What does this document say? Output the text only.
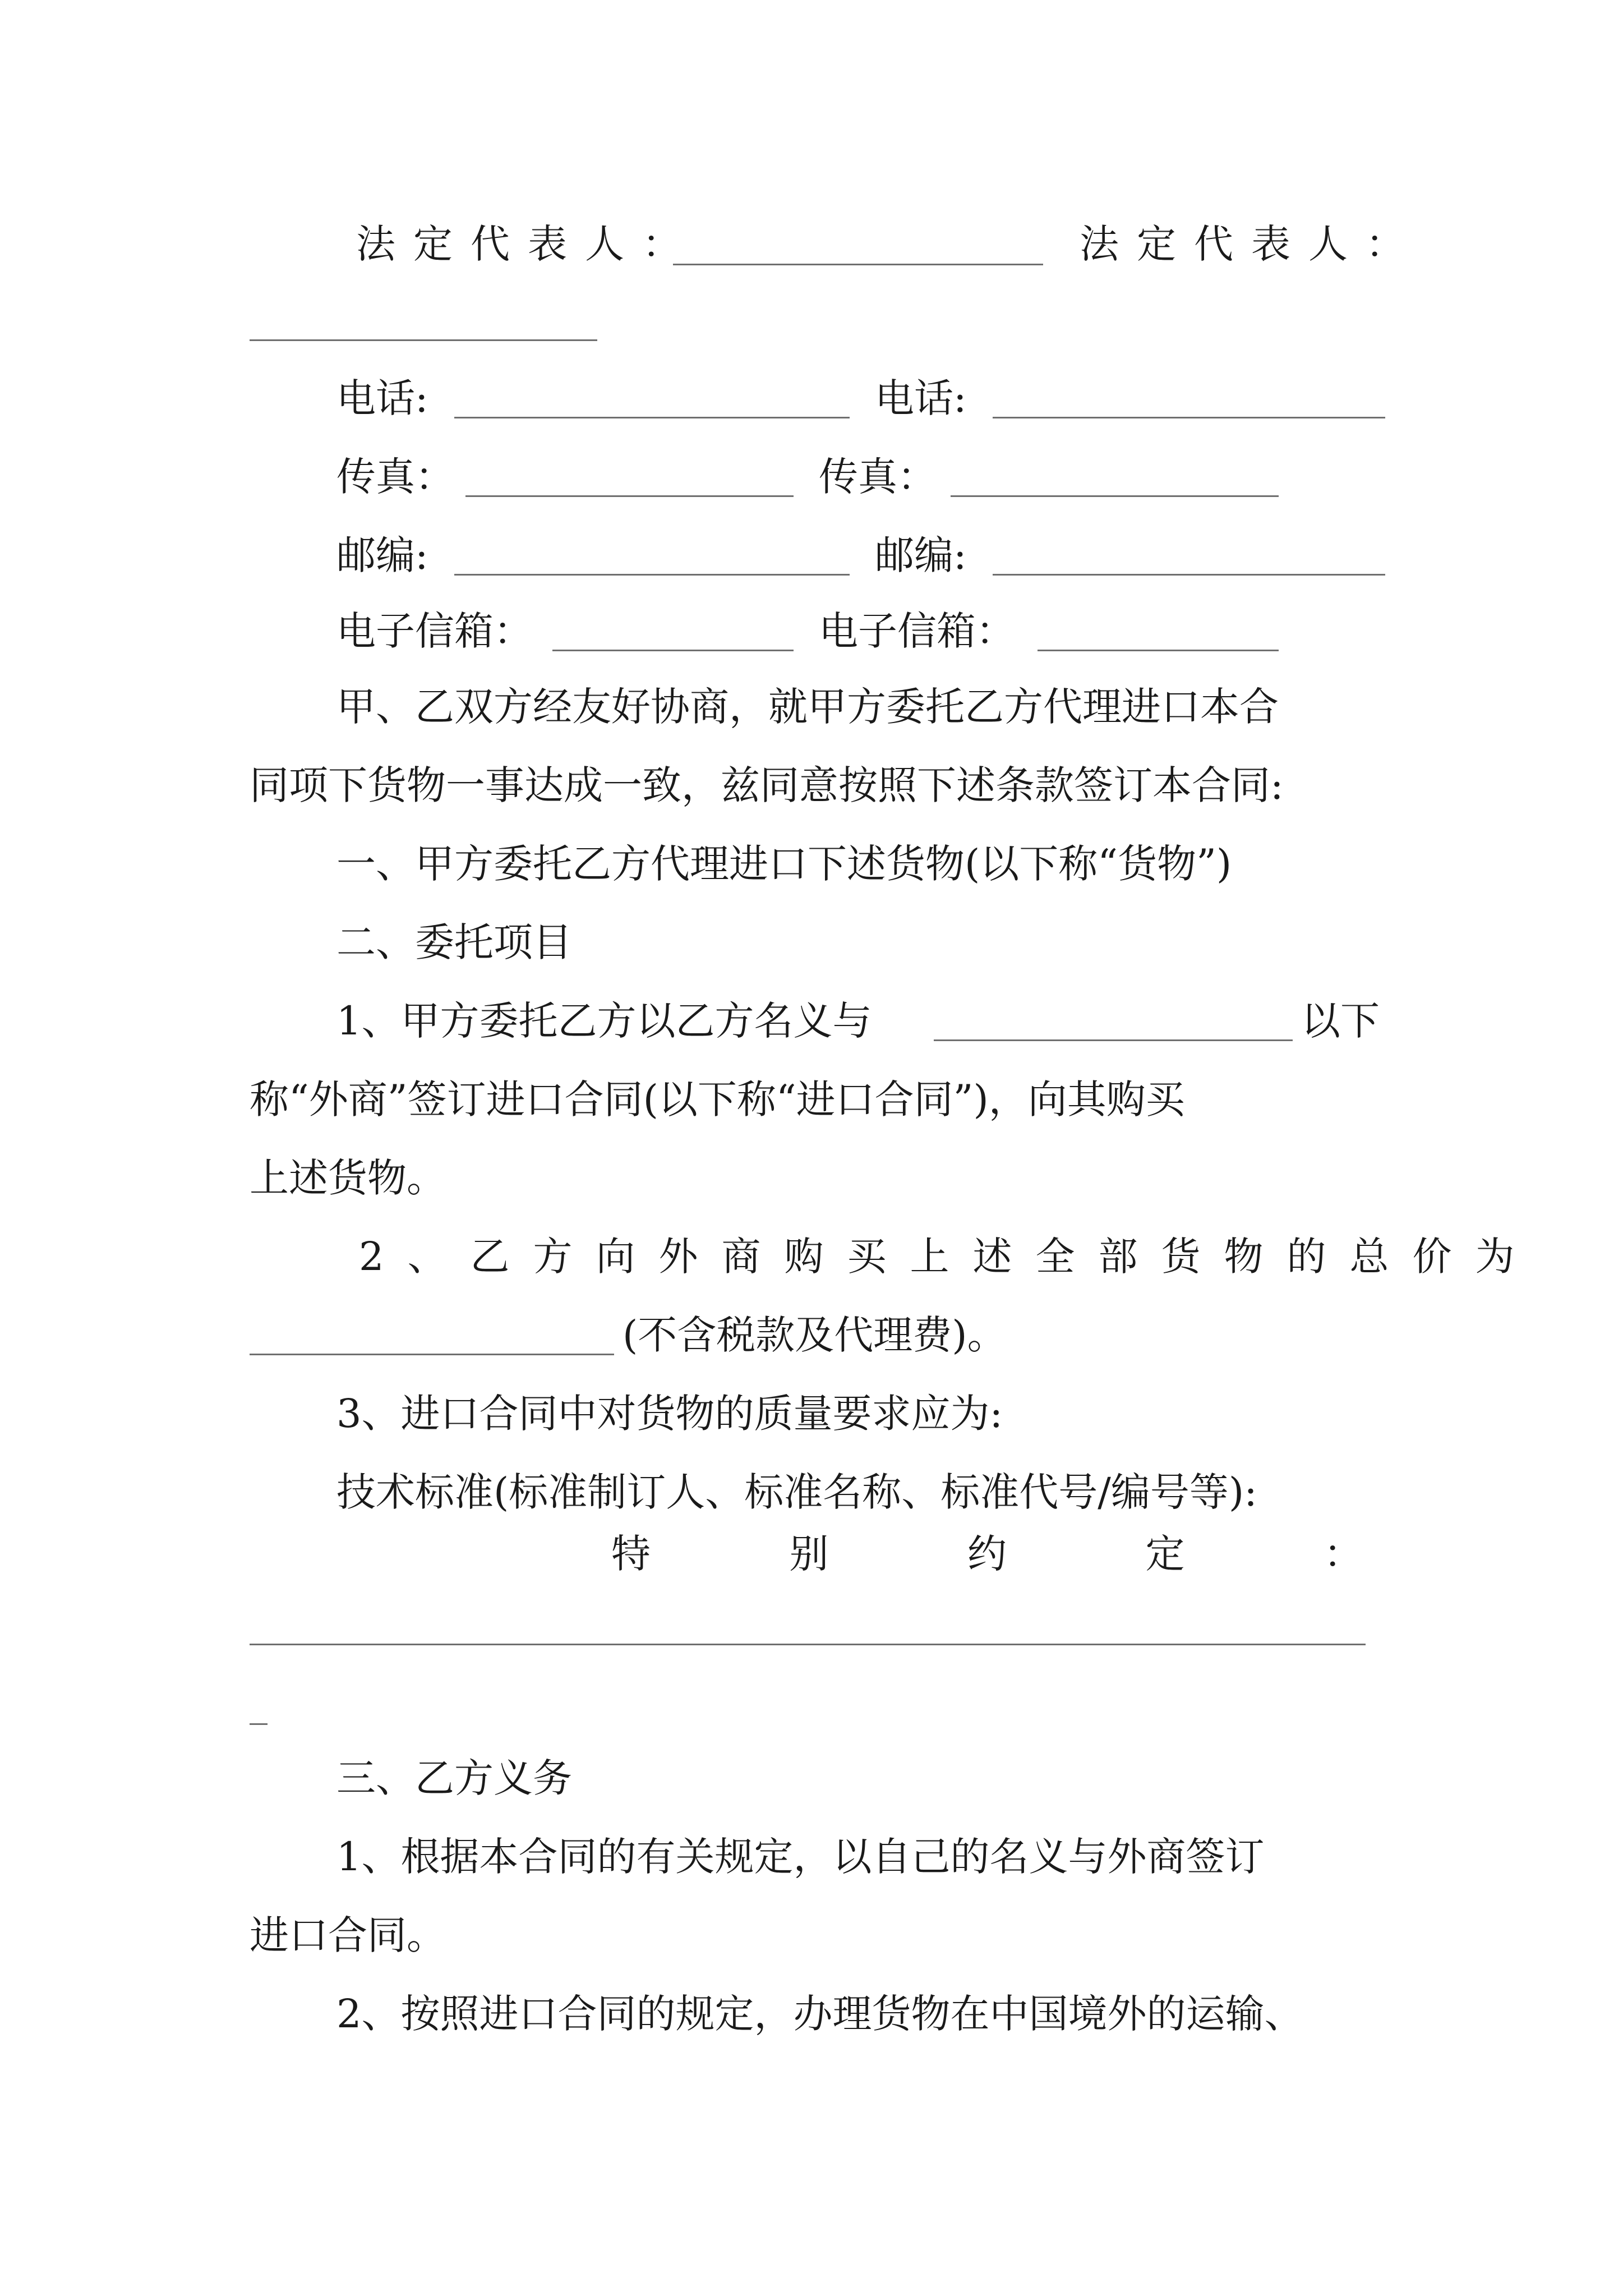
法定代表人：	法定代表人：
电话:	电话:
传真：	传真：
邮编:	邮编:
电子信箱：	电子信箱：
甲、乙双方经友好协商，就甲方委托乙方代理进口本合
同项下货物一事达成一致，兹同意按照下述条款签订本合同:
一、甲方委托乙方代理进口下述货物(以下称“货物”)
二、委托项目
1、甲方委托乙方以乙方名义与	以下
称“外商”签订进口合同(以下称“进口合同”)，向其购买
上述货物。
2、乙方向外商购买上述全部货物的总价为
(不含税款及代理费)。
3、进口合同中对货物的质量要求应为:
技术标准(标准制订人、标准名称、标准代号/编号等):
特	别	约	定	：
三、乙方义务
1、根据本合同的有关规定，以自己的名义与外商签订
进口合同。
2、按照进口合同的规定，办理货物在中国境外的运输、
